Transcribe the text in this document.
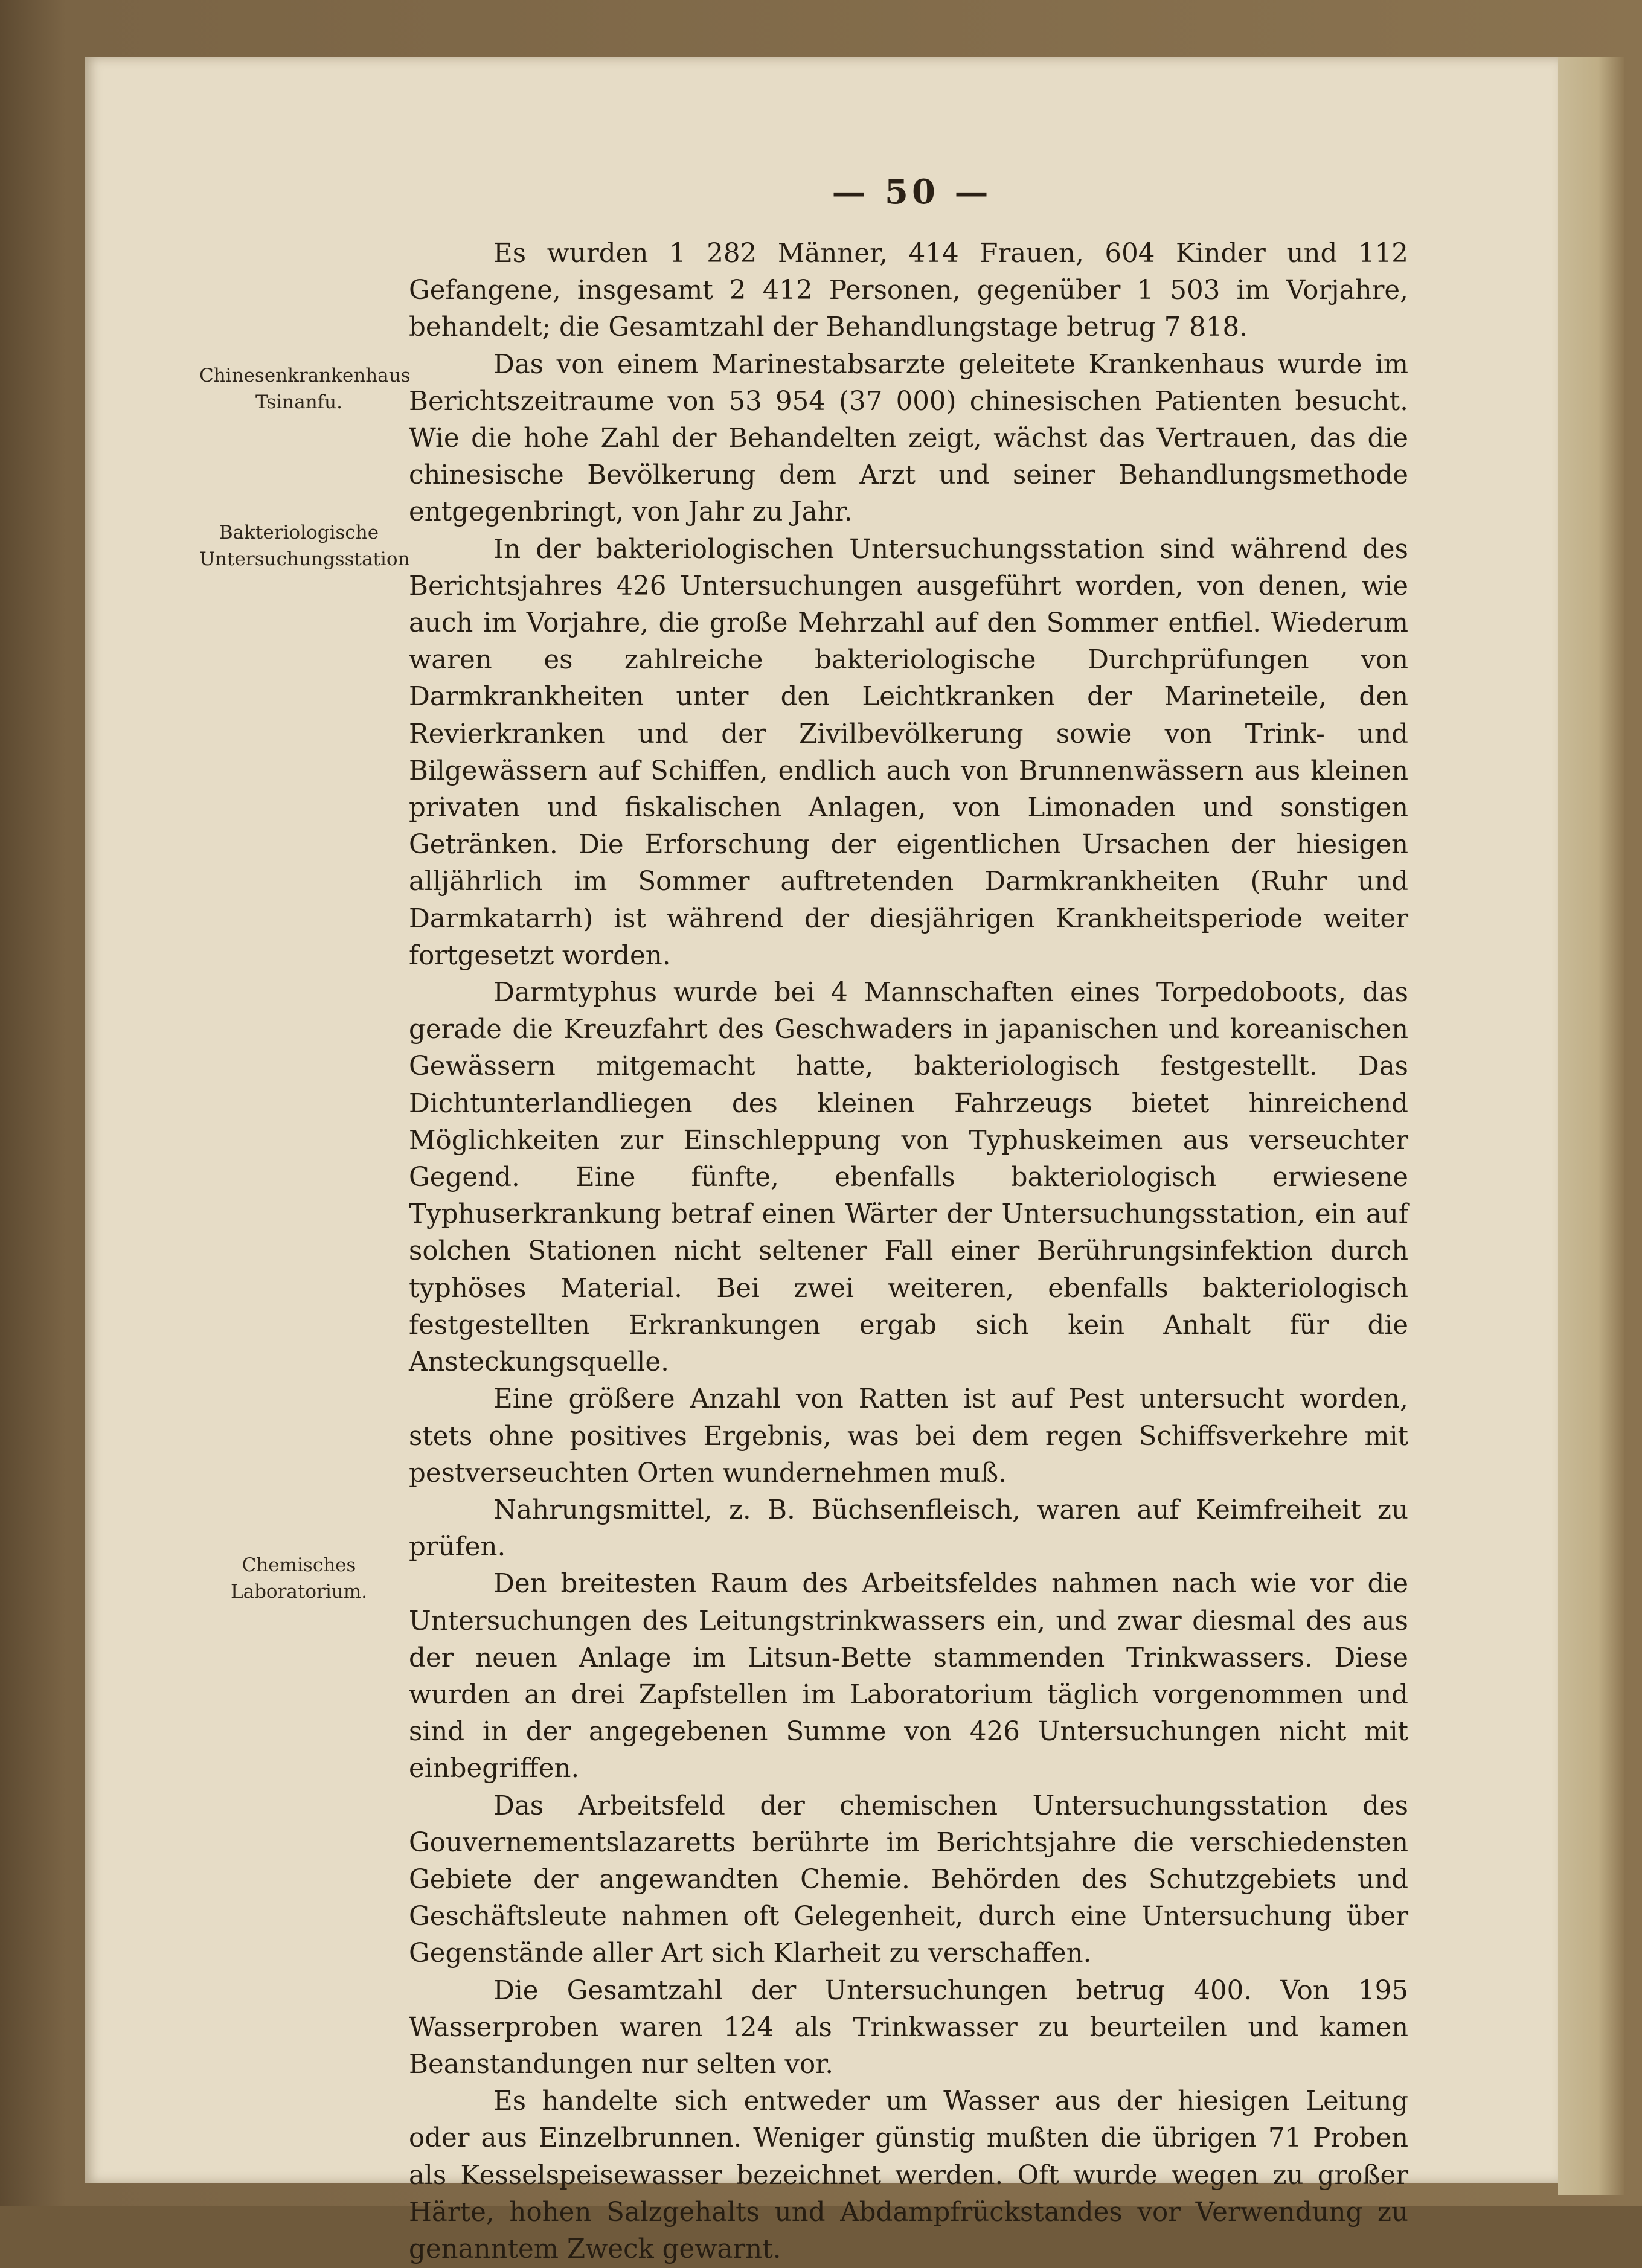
— 50 —
Chinesenkrankenhaus
Tsinanfu.
Bakteriologische
Untersuchungsstation
Chemisches
Laboratorium.

Es wurden 1 282 Männer, 414 Frauen, 604 Kinder und 112 Gefangene, insgesamt 2 412 Personen, gegenüber 1 503 im Vorjahre, behandelt; die Gesamtzahl der Behandlungstage betrug 7 818.

Das von einem Marinestabsarzte geleitete Krankenhaus wurde im Berichtszeitraume von 53 954 (37 000) chinesischen Patienten besucht. Wie die hohe Zahl der Behandelten zeigt, wächst das Vertrauen, das die chinesische Bevölkerung dem Arzt und seiner Behandlungsmethode entgegenbringt, von Jahr zu Jahr.

In der bakteriologischen Untersuchungsstation sind während des Berichtsjahres 426 Untersuchungen ausgeführt worden, von denen, wie auch im Vorjahre, die große Mehrzahl auf den Sommer entfiel. Wiederum waren es zahlreiche bakteriologische Durchprüfungen von Darmkrankheiten unter den Leichtkranken der Marineteile, den Revierkranken und der Zivilbevölkerung sowie von Trink- und Bilgewässern auf Schiffen, endlich auch von Brunnenwässern aus kleinen privaten und fiskalischen Anlagen, von Limonaden und sonstigen Getränken. Die Erforschung der eigentlichen Ursachen der hiesigen alljährlich im Sommer auftretenden Darmkrankheiten (Ruhr und Darmkatarrh) ist während der diesjährigen Krankheitsperiode weiter fortgesetzt worden.

Darmtyphus wurde bei 4 Mannschaften eines Torpedoboots, das gerade die Kreuzfahrt des Geschwaders in japanischen und koreanischen Gewässern mitgemacht hatte, bakteriologisch festgestellt. Das Dichtunterlandliegen des kleinen Fahrzeugs bietet hinreichend Möglichkeiten zur Einschleppung von Typhuskeimen aus verseuchter Gegend. Eine fünfte, ebenfalls bakteriologisch erwiesene Typhuserkrankung betraf einen Wärter der Untersuchungsstation, ein auf solchen Stationen nicht seltener Fall einer Berührungsinfektion durch typhöses Material. Bei zwei weiteren, ebenfalls bakteriologisch festgestellten Erkrankungen ergab sich kein Anhalt für die Ansteckungsquelle.

Eine größere Anzahl von Ratten ist auf Pest untersucht worden, stets ohne positives Ergebnis, was bei dem regen Schiffsverkehre mit pestverseuchten Orten wundernehmen muß.

Nahrungsmittel, z. B. Büchsenfleisch, waren auf Keimfreiheit zu prüfen.

Den breitesten Raum des Arbeitsfeldes nahmen nach wie vor die Untersuchungen des Leitungstrinkwassers ein, und zwar diesmal des aus der neuen Anlage im Litsun-Bette stammenden Trinkwassers. Diese wurden an drei Zapfstellen im Laboratorium täglich vorgenommen und sind in der angegebenen Summe von 426 Untersuchungen nicht mit einbegriffen.

Das Arbeitsfeld der chemischen Untersuchungsstation des Gouvernementslazaretts berührte im Berichtsjahre die verschiedensten Gebiete der angewandten Chemie. Behörden des Schutzgebiets und Geschäftsleute nahmen oft Gelegenheit, durch eine Untersuchung über Gegenstände aller Art sich Klarheit zu verschaffen.

Die Gesamtzahl der Untersuchungen betrug 400. Von 195 Wasserproben waren 124 als Trinkwasser zu beurteilen und kamen Beanstandungen nur selten vor.

Es handelte sich entweder um Wasser aus der hiesigen Leitung oder aus Einzelbrunnen. Weniger günstig mußten die übrigen 71 Proben als Kesselspeisewasser bezeichnet werden. Oft wurde wegen zu großer Härte, hohen Salzgehalts und Abdampfrückstandes vor Verwendung zu genanntem Zweck gewarnt.
